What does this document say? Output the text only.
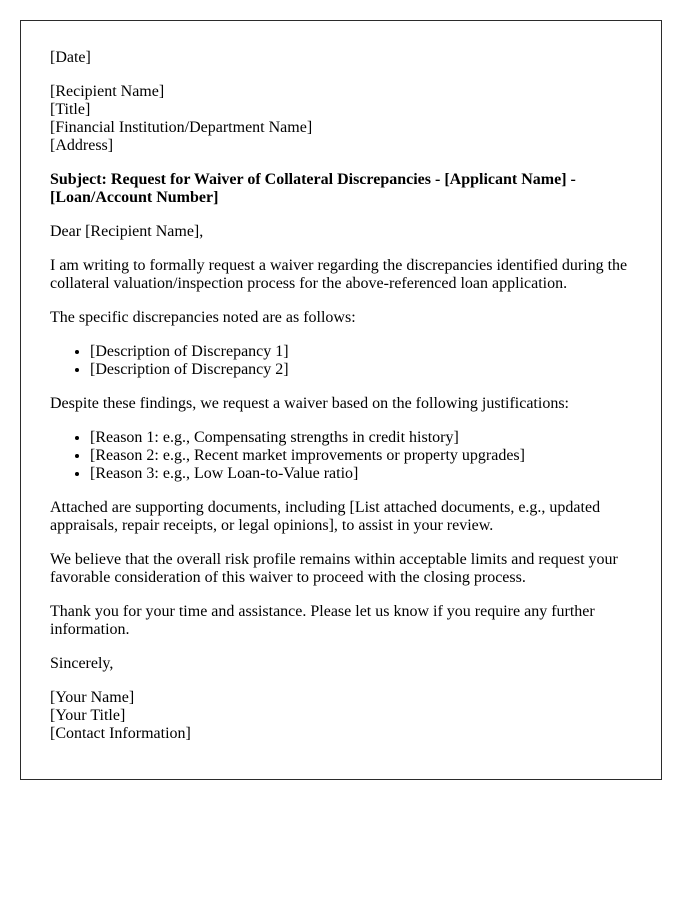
[Date]

[Recipient Name]
[Title]
[Financial Institution/Department Name]
[Address]

Subject: Request for Waiver of Collateral Discrepancies - [Applicant Name] - [Loan/Account Number]

Dear [Recipient Name],

I am writing to formally request a waiver regarding the discrepancies identified during the collateral valuation/inspection process for the above-referenced loan application.

The specific discrepancies noted are as follows:

• [Description of Discrepancy 1]
• [Description of Discrepancy 2]

Despite these findings, we request a waiver based on the following justifications:

• [Reason 1: e.g., Compensating strengths in credit history]
• [Reason 2: e.g., Recent market improvements or property upgrades]
• [Reason 3: e.g., Low Loan-to-Value ratio]

Attached are supporting documents, including [List attached documents, e.g., updated appraisals, repair receipts, or legal opinions], to assist in your review.

We believe that the overall risk profile remains within acceptable limits and request your favorable consideration of this waiver to proceed with the closing process.

Thank you for your time and assistance. Please let us know if you require any further information.

Sincerely,

[Your Name]
[Your Title]
[Contact Information]
